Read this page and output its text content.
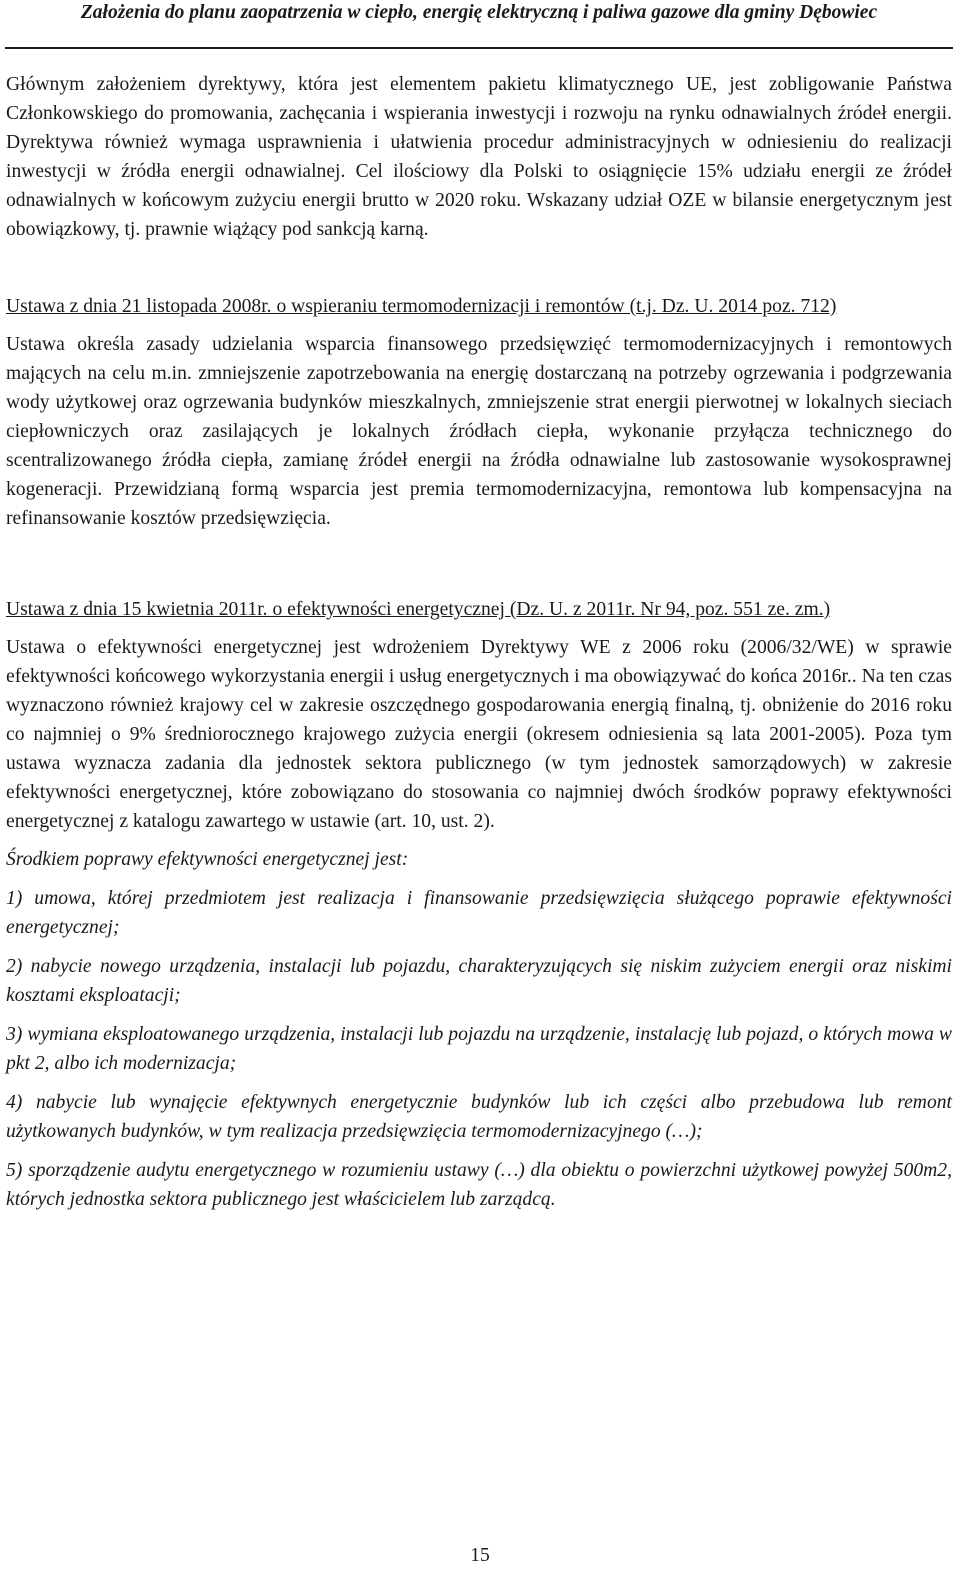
Założenia do planu zaopatrzenia w ciepło, energię elektryczną i paliwa gazowe dla gminy Dębowiec

Głównym założeniem dyrektywy, która jest elementem pakietu klimatycznego UE, jest zobligowanie Państwa Członkowskiego do promowania, zachęcania i wspierania inwestycji i rozwoju na rynku odnawialnych źródeł energii. Dyrektywa również wymaga usprawnienia i ułatwienia procedur administracyjnych w odniesieniu do realizacji inwestycji w źródła energii odnawialnej. Cel ilościowy dla Polski to osiągnięcie 15% udziału energii ze źródeł odnawialnych w końcowym zużyciu energii brutto w 2020 roku. Wskazany udział OZE w bilansie energetycznym jest obowiązkowy, tj. prawnie wiążący pod sankcją karną.

Ustawa z dnia 21 listopada 2008r. o wspieraniu termomodernizacji i remontów (t.j. Dz. U. 2014 poz. 712)

Ustawa określa zasady udzielania wsparcia finansowego przedsięwzięć termomodernizacyjnych i remontowych mających na celu m.in. zmniejszenie zapotrzebowania na energię dostarczaną na potrzeby ogrzewania i podgrzewania wody użytkowej oraz ogrzewania budynków mieszkalnych, zmniejszenie strat energii pierwotnej w lokalnych sieciach ciepłowniczych oraz zasilających je lokalnych źródłach ciepła, wykonanie przyłącza technicznego do scentralizowanego źródła ciepła, zamianę źródeł energii na źródła odnawialne lub zastosowanie wysokosprawnej kogeneracji. Przewidzianą formą wsparcia jest premia termomodernizacyjna, remontowa lub kompensacyjna na refinansowanie kosztów przedsięwzięcia.

Ustawa z dnia 15 kwietnia 2011r. o efektywności energetycznej (Dz. U. z 2011r. Nr 94, poz. 551 ze. zm.)

Ustawa o efektywności energetycznej jest wdrożeniem Dyrektywy WE z 2006 roku (2006/32/WE) w sprawie efektywności końcowego wykorzystania energii i usług energetycznych i ma obowiązywać do końca 2016r.. Na ten czas wyznaczono również krajowy cel w zakresie oszczędnego gospodarowania energią finalną, tj. obniżenie do 2016 roku co najmniej o 9% średniorocznego krajowego zużycia energii (okresem odniesienia są lata 2001-2005). Poza tym ustawa wyznacza zadania dla jednostek sektora publicznego (w tym jednostek samorządowych) w zakresie efektywności energetycznej, które zobowiązano do stosowania co najmniej dwóch środków poprawy efektywności energetycznej z katalogu zawartego w ustawie (art. 10, ust. 2).

Środkiem poprawy efektywności energetycznej jest:

1) umowa, której przedmiotem jest realizacja i finansowanie przedsięwzięcia służącego poprawie efektywności energetycznej;

2) nabycie nowego urządzenia, instalacji lub pojazdu, charakteryzujących się niskim zużyciem energii oraz niskimi kosztami eksploatacji;

3) wymiana eksploatowanego urządzenia, instalacji lub pojazdu na urządzenie, instalację lub pojazd, o których mowa w pkt 2, albo ich modernizacja;

4) nabycie lub wynajęcie efektywnych energetycznie budynków lub ich części albo przebudowa lub remont użytkowanych budynków, w tym realizacja przedsięwzięcia termomodernizacyjnego (…);

5) sporządzenie audytu energetycznego w rozumieniu ustawy (…) dla obiektu o powierzchni użytkowej powyżej 500m2, których jednostka sektora publicznego jest właścicielem lub zarządcą.

15
